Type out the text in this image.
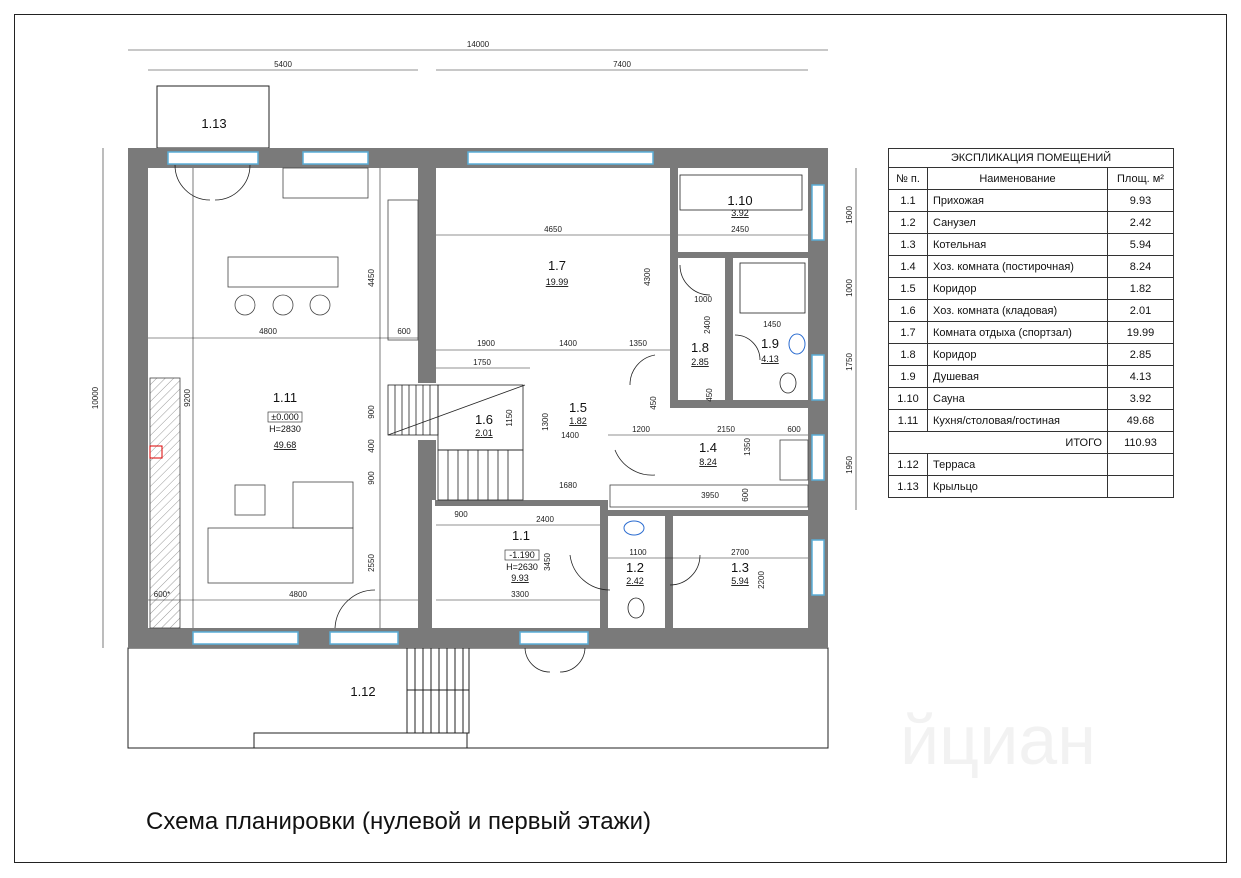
йциан
14000
5400	7400
10000	9200
4650	2450
4300
1000
2400	1450
4450
4800	600
1900	1400	1350
1750
450
450
900	1150	1300
1400
400
1200	2150	600
1350
900
1680
3950	600
900
2400
3450
1100	2700
2200
2550
600*	4800	3300
1600
1000
1750
1950
1.13
1.12
1.11
±0.000
H=2830
49.68
1.7
19.99
1.10
3.92
1.8
2.85
1.9
4.13
1.6
2.01
1.5
1.82
1.4
8.24
1.1
-1.190
H=2630
9.93
1.2
2.42
1.3
5.94
ЭКСПЛИКАЦИЯ ПОМЕЩЕНИЙ		
№ п.	Наименование	Площ. м²
1.1	Прихожая	9.93
1.2	Санузел	2.42
1.3	Котельная	5.94
1.4	Хоз. комната (постирочная)	8.24
1.5	Коридор	1.82
1.6	Хоз. комната (кладовая)	2.01
1.7	Комната отдыха (спортзал)	19.99
1.8	Коридор	2.85
1.9	Душевая	4.13
1.10	Сауна	3.92
1.11	Кухня/столовая/гостиная	49.68
ИТОГО		110.93
1.12	Терраса	
1.13	Крыльцо	
Схема планировки (нулевой и первый этажи)
